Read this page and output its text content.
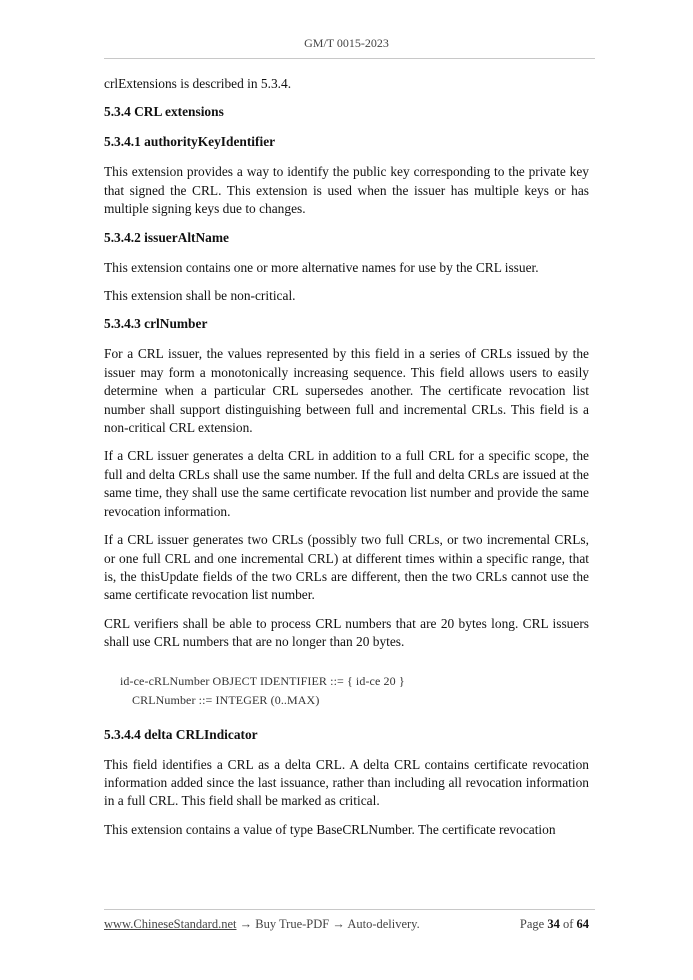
GM/T 0015-2023

crlExtensions is described in 5.3.4.

5.3.4 CRL extensions
5.3.4.1 authorityKeyIdentifier

This extension provides a way to identify the public key corresponding to the private key that signed the CRL. This extension is used when the issuer has multiple keys or has multiple signing keys due to changes.

5.3.4.2 issuerAltName

This extension contains one or more alternative names for use by the CRL issuer.

This extension shall be non-critical.

5.3.4.3 crlNumber

For a CRL issuer, the values represented by this field in a series of CRLs issued by the issuer may form a monotonically increasing sequence. This field allows users to easily determine when a particular CRL supersedes another. The certificate revocation list number shall support distinguishing between full and incremental CRLs. This field is a non-critical CRL extension.

If a CRL issuer generates a delta CRL in addition to a full CRL for a specific scope, the full and delta CRLs shall use the same number. If the full and delta CRLs are issued at the same time, they shall use the same certificate revocation list number and provide the same revocation information.

If a CRL issuer generates two CRLs (possibly two full CRLs, or two incremental CRLs, or one full CRL and one incremental CRL) at different times within a specific range, that is, the thisUpdate fields of the two CRLs are different, then the two CRLs cannot use the same certificate revocation list number.

CRL verifiers shall be able to process CRL numbers that are 20 bytes long. CRL issuers shall use CRL numbers that are no longer than 20 bytes.

id-ce-cRLNumber OBJECT IDENTIFIER ::= { id-ce 20 }
CRLNumber ::= INTEGER (0..MAX)
5.3.4.4 delta CRLIndicator

This field identifies a CRL as a delta CRL. A delta CRL contains certificate revocation information added since the last issuance, rather than including all revocation information in a full CRL. This field shall be marked as critical.

This extension contains a value of type BaseCRLNumber. The certificate revocation

www.ChineseStandard.net → Buy True-PDF → Auto-delivery.	Page 34 of 64
